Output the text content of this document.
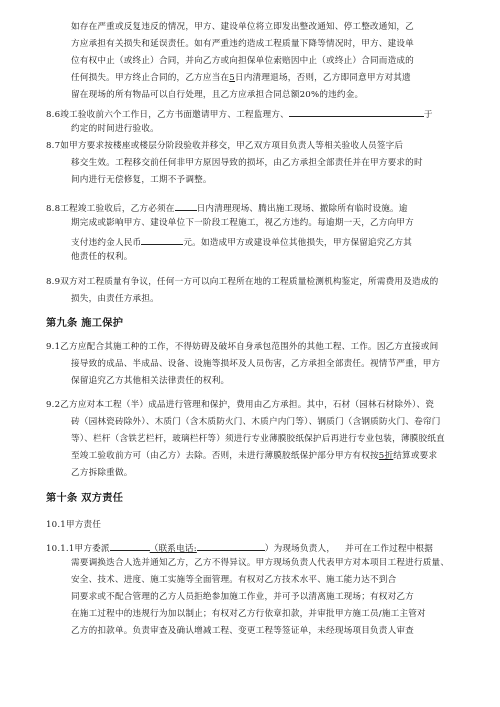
如存在严重或反复违反的情况，甲方、建设单位将立即发出整改通知、停工整改通知，乙
方应承担有关损失和延误责任。如有严重违约造成工程质量下降等情况时，甲方、建设单
位有权中止（或终止）合同，并向乙方或向担保单位索赔因中止（或终止）合同而造成的
任何损失。甲方终止合同的，乙方应当在5日内清理退场，否则，乙方即同意甲方对其遗
留在现场的所有物品可以自行处理，且乙方应承担合同总额20%的违约金。
8.6竣工验收前六个工作日，乙方书面邀请甲方、工程监理方、	于
约定的时间进行验收。
8.7如甲方要求按楼座或楼层分阶段验收并移交，甲乙双方项目负责人等相关验收人员签字后
移交生效。工程移交前任何非甲方原因导致的损坏，由乙方承担全部责任并在甲方要求的时
间内进行无偿修复，工期不予调整。
8.8工程竣工验收后，乙方必须在	日内清理现场、腾出施工现场、撤除所有临时设施。逾
期完成或影响甲方、建设单位下一阶段工程施工，视乙方违约。每逾期一天，乙方向甲方
支付违约金人民币	元。如造成甲方或建设单位其他损失，甲方保留追究乙方其
他责任的权利。
8.9双方对工程质量有争议，任何一方可以向工程所在地的工程质量检测机构鉴定，所需费用及造成的
损失，由责任方承担。
第九条 施工保护
9.1乙方应配合其施工种的工作，不得妨碍及破坏自身承包范围外的其他工程、工作。因乙方直接或间
接导致的成品、半成品、设备、设施等损坏及人员伤害，乙方承担全部责任。视情节严重，甲方
保留追究乙方其他相关法律责任的权利。
9.2乙方应对本工程（半）成品进行管理和保护，费用由乙方承担。其中，石材（园林石材除外）、瓷
砖（园林瓷砖除外）、木质门（含木质防火门、木质户内门等）、钢质门（含钢质防火门、卷帘门
等）、栏杆（含铁艺栏杆，玻璃栏杆等）须进行专业薄膜胶纸保护后再进行专业包装，薄膜胶纸直
至竣工验收前方可（由乙方）去除。否则，未进行薄膜胶纸保护部分甲方有权按5折结算或要求
乙方拆除重做。
第十条 双方责任
10.1甲方责任
10.1.1甲方委派	（联系电话:	）为现场负责人， 并可在工作过程中根据
需要调换迭合人选并通知乙方，乙方不得异议。甲方现场负责人代表甲方对本项目工程进行质量、
安全、技术、进度、施工实施等全面管理。有权对乙方技术水平、施工能力达不到合
同要求或不配合管理的乙方人员拒绝参加施工作业，并可予以清离施工现场；有权对乙方
在施工过程中的违规行为加以制止；有权对乙方行依章扣款，并审批甲方施工员/施工主管对
乙方的扣款单。负责审查及确认增减工程、变更工程等签证单，未经现场项目负责人审查
